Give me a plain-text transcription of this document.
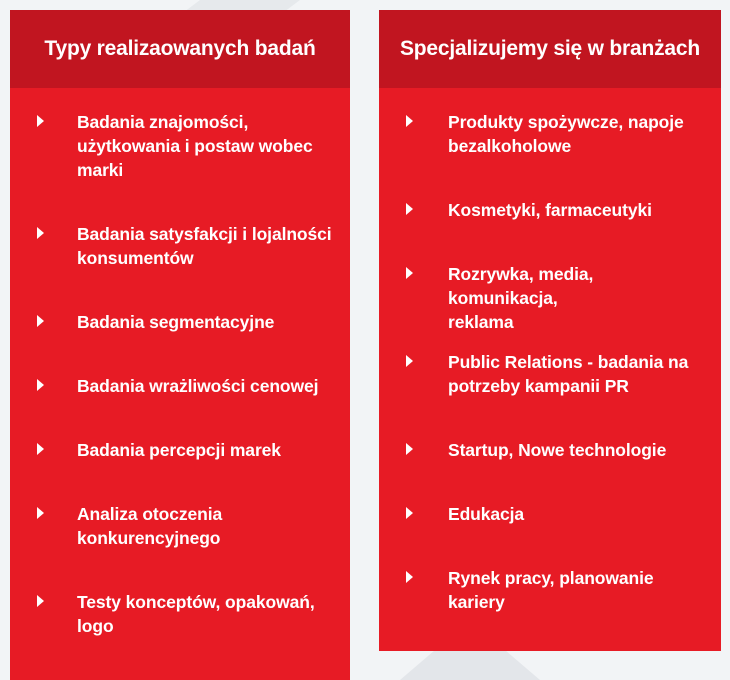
Typy realizaowanych badań
Badania znajomości, użytkowania i postaw wobec marki
Badania satysfakcji i lojalności konsumentów
Badania segmentacyjne
Badania wrażliwości cenowej
Badania percepcji marek
Analiza otoczenia konkurencyjnego
Testy konceptów, opakowań, logo
Specjalizujemy się w branżach
Produkty spożywcze, napoje bezalkoholowe
Kosmetyki, farmaceutyki
Rozrywka, media, komunikacja, reklama
Public Relations - badania na potrzeby kampanii PR
Startup, Nowe technologie
Edukacja
Rynek pracy, planowanie kariery
